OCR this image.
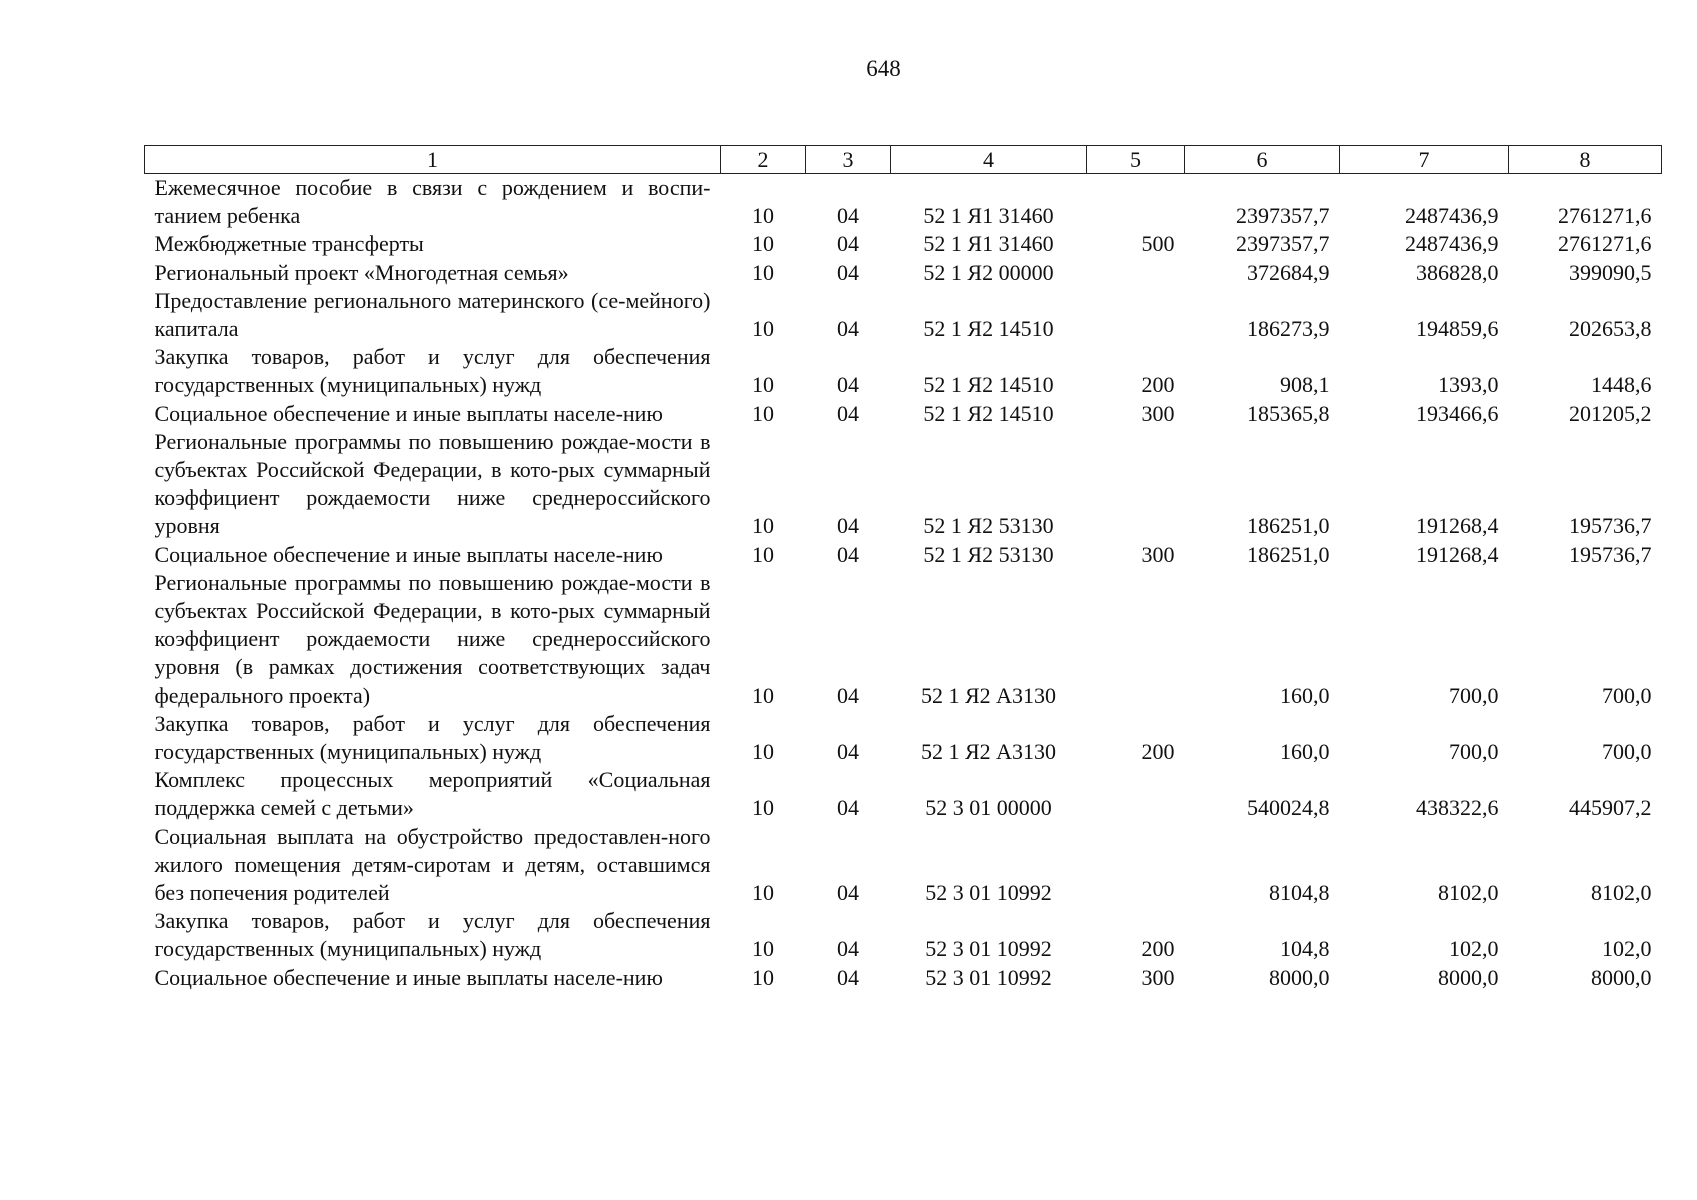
648
1	2	3	4	5	6	7	8
Ежемесячное пособие в связи с рождением и воспи-танием ребенка	10	04	52 1 Я1 31460		2397357,7	2487436,9	2761271,6
Межбюджетные трансферты	10	04	52 1 Я1 31460	500	2397357,7	2487436,9	2761271,6
Региональный проект «Многодетная семья»	10	04	52 1 Я2 00000		372684,9	386828,0	399090,5
Предоставление регионального материнского (се-мейного) капитала	10	04	52 1 Я2 14510		186273,9	194859,6	202653,8
Закупка товаров, работ и услуг для обеспечения государственных (муниципальных) нужд	10	04	52 1 Я2 14510	200	908,1	1393,0	1448,6
Социальное обеспечение и иные выплаты населе-нию	10	04	52 1 Я2 14510	300	185365,8	193466,6	201205,2
Региональные программы по повышению рождае-мости в субъектах Российской Федерации, в кото-рых суммарный коэффициент рождаемости ниже среднероссийского уровня	10	04	52 1 Я2 53130		186251,0	191268,4	195736,7
Социальное обеспечение и иные выплаты населе-нию	10	04	52 1 Я2 53130	300	186251,0	191268,4	195736,7
Региональные программы по повышению рождае-мости в субъектах Российской Федерации, в кото-рых суммарный коэффициент рождаемости ниже среднероссийского уровня (в рамках достижения соответствующих задач федерального проекта)	10	04	52 1 Я2 А3130		160,0	700,0	700,0
Закупка товаров, работ и услуг для обеспечения государственных (муниципальных) нужд	10	04	52 1 Я2 А3130	200	160,0	700,0	700,0
Комплекс процессных мероприятий «Социальная поддержка семей с детьми»	10	04	52 3 01 00000		540024,8	438322,6	445907,2
Социальная выплата на обустройство предоставлен-ного жилого помещения детям-сиротам и детям, оставшимся без попечения родителей	10	04	52 3 01 10992		8104,8	8102,0	8102,0
Закупка товаров, работ и услуг для обеспечения государственных (муниципальных) нужд	10	04	52 3 01 10992	200	104,8	102,0	102,0
Социальное обеспечение и иные выплаты населе-нию	10	04	52 3 01 10992	300	8000,0	8000,0	8000,0
